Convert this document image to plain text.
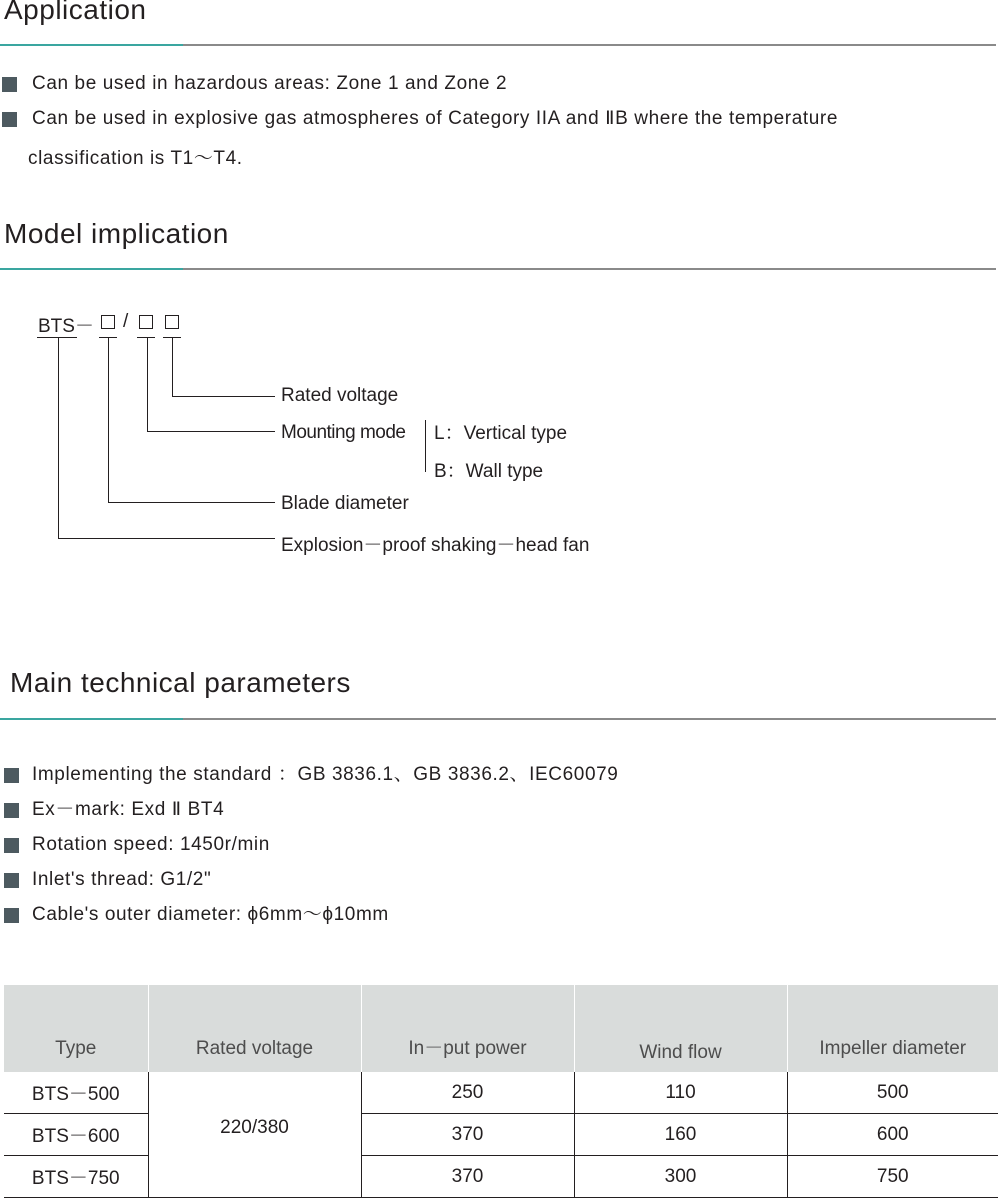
Application
Can be used in hazardous areas: Zone 1 and Zone 2
Can be used in explosive gas atmospheres of Category IIA and ⅡB where the temperature
classification is T1～T4.
Model implication
BTS－ /
Rated voltage
Mounting mode L：Vertical type
B：Wall type
Blade diameter
Explosion－proof shaking－head fan
Main technical parameters
Implementing the standard ：GB 3836.1、GB 3836.2、IEC60079
Ex－mark: Exd Ⅱ BT4
Rotation speed: 1450r/min
Inlet's thread: G1/2"
Cable's outer diameter: ϕ6mm～ϕ10mm
Type	Rated voltage	In－put power	Wind flow	Impeller diameter
BTS－500	220/380	250	110	500
BTS－600		370	160	600
BTS－750		370	300	750
